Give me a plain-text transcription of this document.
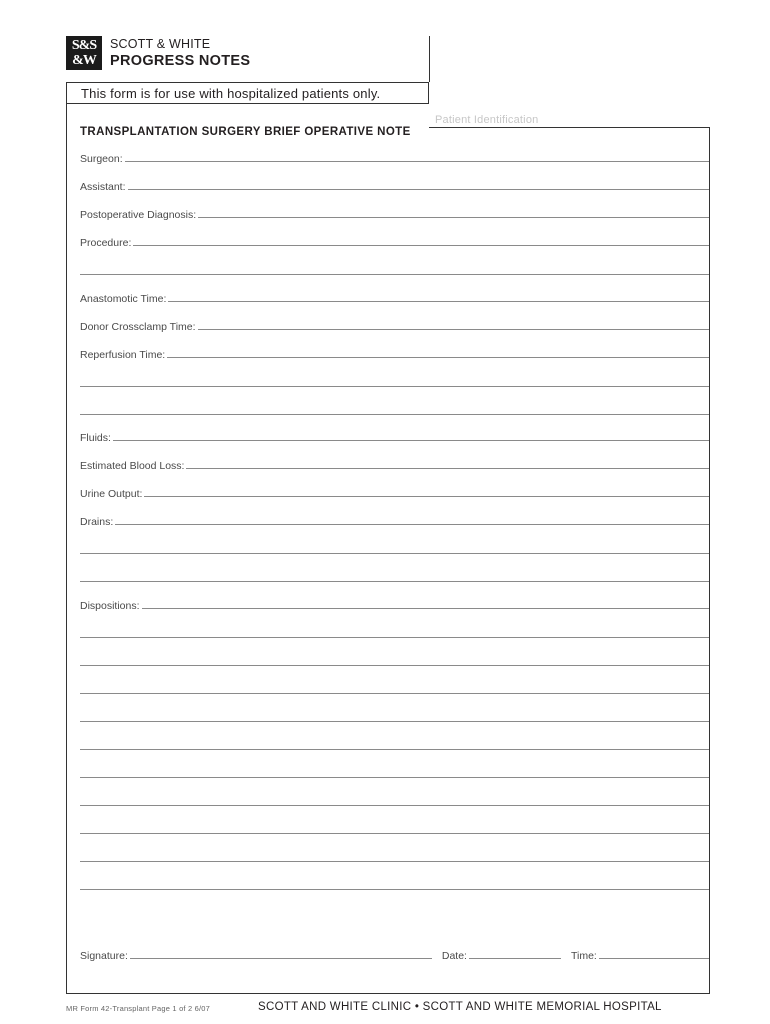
S&S
&W
SCOTT & WHITE
PROGRESS NOTES
This form is for use with hospitalized patients only.
Patient Identification
TRANSPLANTATION SURGERY BRIEF OPERATIVE NOTE
Surgeon:
Assistant:
Postoperative Diagnosis:
Procedure:
Anastomotic Time:
Donor Crossclamp Time:
Reperfusion Time:
Fluids:
Estimated Blood Loss:
Urine Output:
Drains:
Dispositions:
Signature:	Date:	Time:
MR Form 42-Transplant Page 1 of 2 6/07	SCOTT AND WHITE CLINIC • SCOTT AND WHITE MEMORIAL HOSPITAL
